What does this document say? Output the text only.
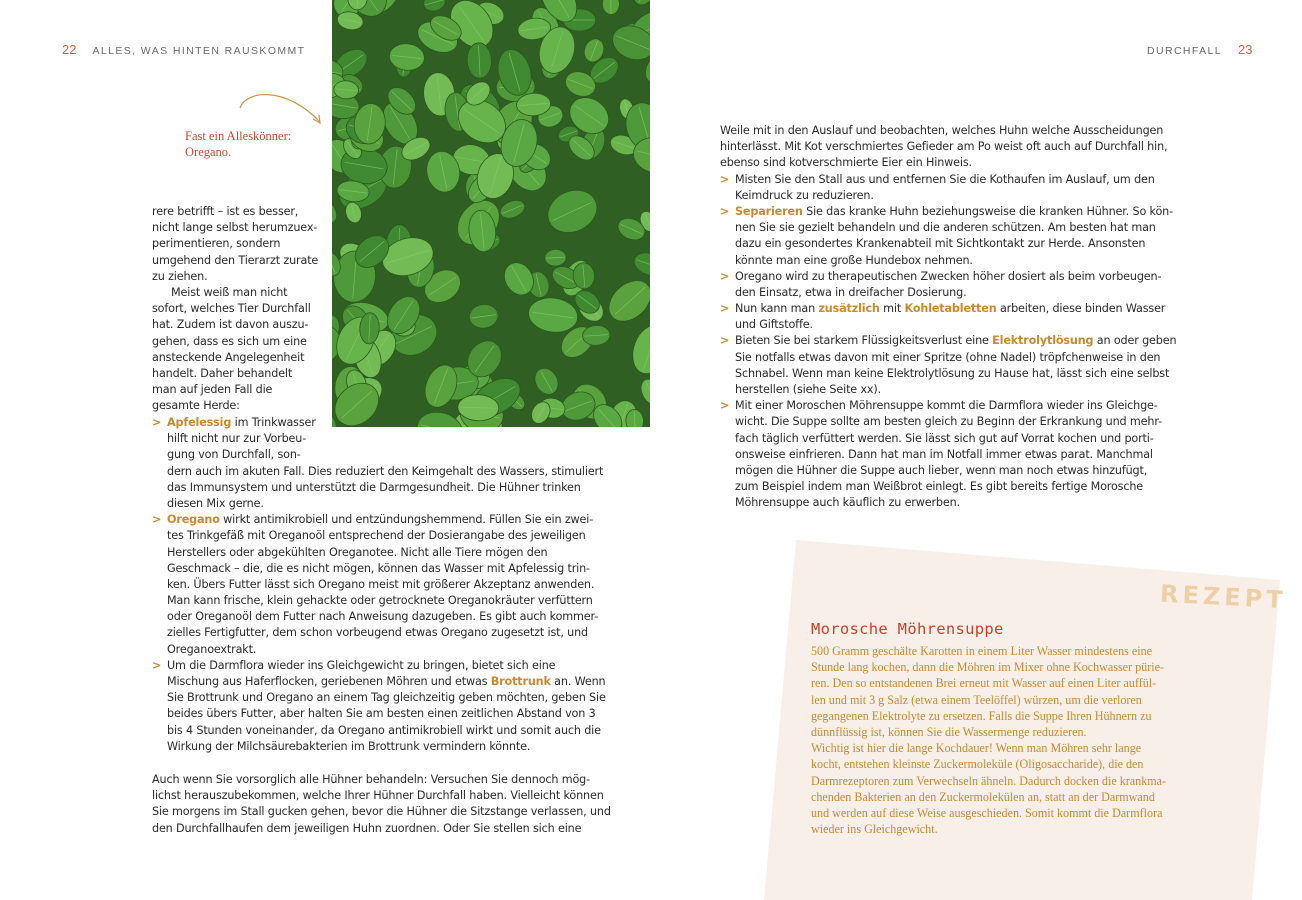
22 ALLES, WAS HINTEN RAUSKOMMT	DURCHFALL 23
Fast ein Alleskönner:
Oregano.
rere betrifft – ist es besser,
nicht lange selbst herumzuex-
perimentieren, sondern
umgehend den Tierarzt zurate
zu ziehen.
Meist weiß man nicht
sofort, welches Tier Durchfall
hat. Zudem ist davon auszu-
gehen, dass es sich um eine
ansteckende Angelegenheit
handelt. Daher behandelt
man auf jeden Fall die
gesamte Herde:
> Apfelessig im Trinkwasser
hilft nicht nur zur Vorbeu-
gung von Durchfall, son-
dern auch im akuten Fall. Dies reduziert den Keimgehalt des Wassers, stimuliert
das Immunsystem und unterstützt die Darmgesundheit. Die Hühner trinken
diesen Mix gerne.
> Oregano wirkt antimikrobiell und entzündungshemmend. Füllen Sie ein zwei-
tes Trinkgefäß mit Oreganoöl entsprechend der Dosierangabe des jeweiligen
Herstellers oder abgekühlten Oreganotee. Nicht alle Tiere mögen den
Geschmack – die, die es nicht mögen, können das Wasser mit Apfelessig trin-
ken. Übers Futter lässt sich Oregano meist mit größerer Akzeptanz anwenden.
Man kann frische, klein gehackte oder getrocknete Oreganokräuter verfüttern
oder Oreganoöl dem Futter nach Anweisung dazugeben. Es gibt auch kommer-
zielles Fertigfutter, dem schon vorbeugend etwas Oregano zugesetzt ist, und
Oreganoextrakt.
> Um die Darmflora wieder ins Gleichgewicht zu bringen, bietet sich eine
Mischung aus Haferflocken, geriebenen Möhren und etwas Brottrunk an. Wenn
Sie Brottrunk und Oregano an einem Tag gleichzeitig geben möchten, geben Sie
beides übers Futter, aber halten Sie am besten einen zeitlichen Abstand von 3
bis 4 Stunden voneinander, da Oregano antimikrobiell wirkt und somit auch die
Wirkung der Milchsäurebakterien im Brottrunk vermindern könnte.
Auch wenn Sie vorsorglich alle Hühner behandeln: Versuchen Sie dennoch mög-
lichst herauszubekommen, welche Ihrer Hühner Durchfall haben. Vielleicht können
Sie morgens im Stall gucken gehen, bevor die Hühner die Sitzstange verlassen, und
den Durchfallhaufen dem jeweiligen Huhn zuordnen. Oder Sie stellen sich eine
Weile mit in den Auslauf und beobachten, welches Huhn welche Ausscheidungen
hinterlässt. Mit Kot verschmiertes Gefieder am Po weist oft auch auf Durchfall hin,
ebenso sind kotverschmierte Eier ein Hinweis.
> Misten Sie den Stall aus und entfernen Sie die Kothaufen im Auslauf, um den
Keimdruck zu reduzieren.
> Separieren Sie das kranke Huhn beziehungsweise die kranken Hühner. So kön-
nen Sie sie gezielt behandeln und die anderen schützen. Am besten hat man
dazu ein gesondertes Krankenabteil mit Sichtkontakt zur Herde. Ansonsten
könnte man eine große Hundebox nehmen.
> Oregano wird zu therapeutischen Zwecken höher dosiert als beim vorbeugen-
den Einsatz, etwa in dreifacher Dosierung.
> Nun kann man zusätzlich mit Kohletabletten arbeiten, diese binden Wasser
und Giftstoffe.
> Bieten Sie bei starkem Flüssigkeitsverlust eine Elektrolytlösung an oder geben
Sie notfalls etwas davon mit einer Spritze (ohne Nadel) tröpfchenweise in den
Schnabel. Wenn man keine Elektrolytlösung zu Hause hat, lässt sich eine selbst
herstellen (siehe Seite xx).
> Mit einer Moroschen Möhrensuppe kommt die Darmflora wieder ins Gleichge-
wicht. Die Suppe sollte am besten gleich zu Beginn der Erkrankung und mehr-
fach täglich verfüttert werden. Sie lässt sich gut auf Vorrat kochen und porti-
onsweise einfrieren. Dann hat man im Notfall immer etwas parat. Manchmal
mögen die Hühner die Suppe auch lieber, wenn man noch etwas hinzufügt,
zum Beispiel indem man Weißbrot einlegt. Es gibt bereits fertige Morosche
Möhrensuppe auch käuflich zu erwerben.
REZEPT
Morosche Möhrensuppe
500 Gramm geschälte Karotten in einem Liter Wasser mindestens eine
Stunde lang kochen, dann die Möhren im Mixer ohne Kochwasser pürie-
ren. Den so entstandenen Brei erneut mit Wasser auf einen Liter auffül-
len und mit 3 g Salz (etwa einem Teelöffel) würzen, um die verloren
gegangenen Elektrolyte zu ersetzen. Falls die Suppe Ihren Hühnern zu
dünnflüssig ist, können Sie die Wassermenge reduzieren.
Wichtig ist hier die lange Kochdauer! Wenn man Möhren sehr lange
kocht, entstehen kleinste Zuckermoleküle (Oligosaccharide), die den
Darmrezeptoren zum Verwechseln ähneln. Dadurch docken die krankma-
chenden Bakterien an den Zuckermolekülen an, statt an der Darmwand
und werden auf diese Weise ausgeschieden. Somit kommt die Darmflora
wieder ins Gleichgewicht.
